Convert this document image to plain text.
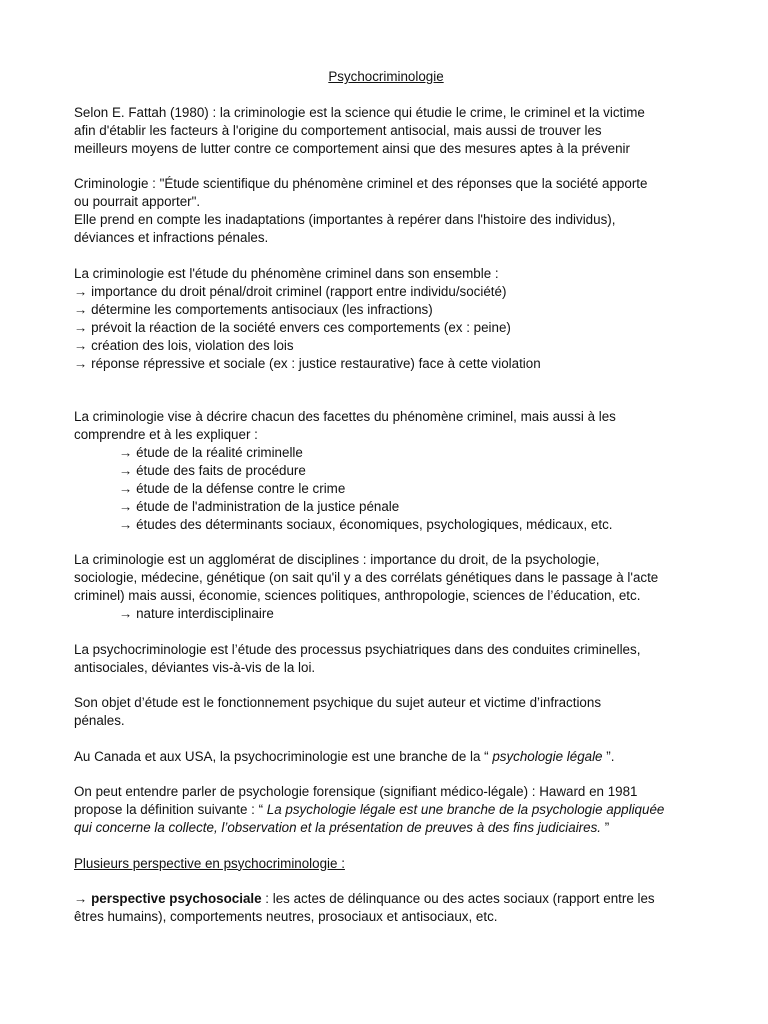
Psychocriminologie
Selon E. Fattah (1980) : la criminologie est la science qui étudie le crime, le criminel et la victime
afin d'établir les facteurs à l'origine du comportement antisocial, mais aussi de trouver les
meilleurs moyens de lutter contre ce comportement ainsi que des mesures aptes à la prévenir
Criminologie : "Étude scientifique du phénomène criminel et des réponses que la société apporte
ou pourrait apporter".
Elle prend en compte les inadaptations (importantes à repérer dans l'histoire des individus),
déviances et infractions pénales.
La criminologie est l'étude du phénomène criminel dans son ensemble :
→ importance du droit pénal/droit criminel (rapport entre individu/société)
→ détermine les comportements antisociaux (les infractions)
→ prévoit la réaction de la société envers ces comportements (ex : peine)
→ création des lois, violation des lois
→ réponse répressive et sociale (ex : justice restaurative) face à cette violation
La criminologie vise à décrire chacun des facettes du phénomène criminel, mais aussi à les
comprendre et à les expliquer :
→ étude de la réalité criminelle
→ étude des faits de procédure
→ étude de la défense contre le crime
→ étude de l'administration de la justice pénale
→ études des déterminants sociaux, économiques, psychologiques, médicaux, etc.
La criminologie est un agglomérat de disciplines : importance du droit, de la psychologie,
sociologie, médecine, génétique (on sait qu'il y a des corrélats génétiques dans le passage à l'acte
criminel) mais aussi, économie, sciences politiques, anthropologie, sciences de l’éducation, etc.
→ nature interdisciplinaire
La psychocriminologie est l’étude des processus psychiatriques dans des conduites criminelles,
antisociales, déviantes vis-à-vis de la loi.
Son objet d’étude est le fonctionnement psychique du sujet auteur et victime d’infractions
pénales.
Au Canada et aux USA, la psychocriminologie est une branche de la “ psychologie légale ”.
On peut entendre parler de psychologie forensique (signifiant médico-légale) : Haward en 1981
propose la définition suivante : “ La psychologie légale est une branche de la psychologie appliquée
qui concerne la collecte, l’observation et la présentation de preuves à des fins judiciaires. ”
Plusieurs perspective en psychocriminologie :
→ perspective psychosociale : les actes de délinquance ou des actes sociaux (rapport entre les
êtres humains), comportements neutres, prosociaux et antisociaux, etc.
